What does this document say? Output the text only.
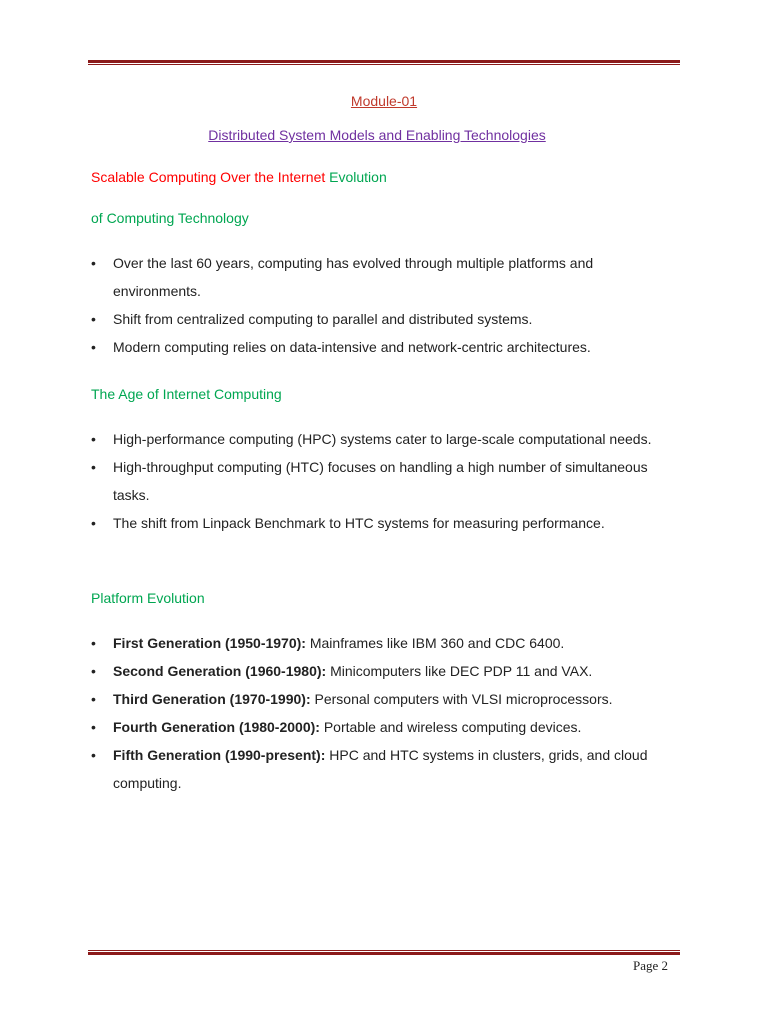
Module-01
Distributed System Models and Enabling Technologies
Scalable Computing Over the Internet Evolution
of Computing Technology
• Over the last 60 years, computing has evolved through multiple platforms and environments.
• Shift from centralized computing to parallel and distributed systems.
• Modern computing relies on data-intensive and network-centric architectures.
The Age of Internet Computing
• High-performance computing (HPC) systems cater to large-scale computational needs.
• High-throughput computing (HTC) focuses on handling a high number of simultaneous tasks.
• The shift from Linpack Benchmark to HTC systems for measuring performance.
Platform Evolution
• First Generation (1950-1970): Mainframes like IBM 360 and CDC 6400.
• Second Generation (1960-1980): Minicomputers like DEC PDP 11 and VAX.
• Third Generation (1970-1990): Personal computers with VLSI microprocessors.
• Fourth Generation (1980-2000): Portable and wireless computing devices.
• Fifth Generation (1990-present): HPC and HTC systems in clusters, grids, and cloud computing.
Page 2
